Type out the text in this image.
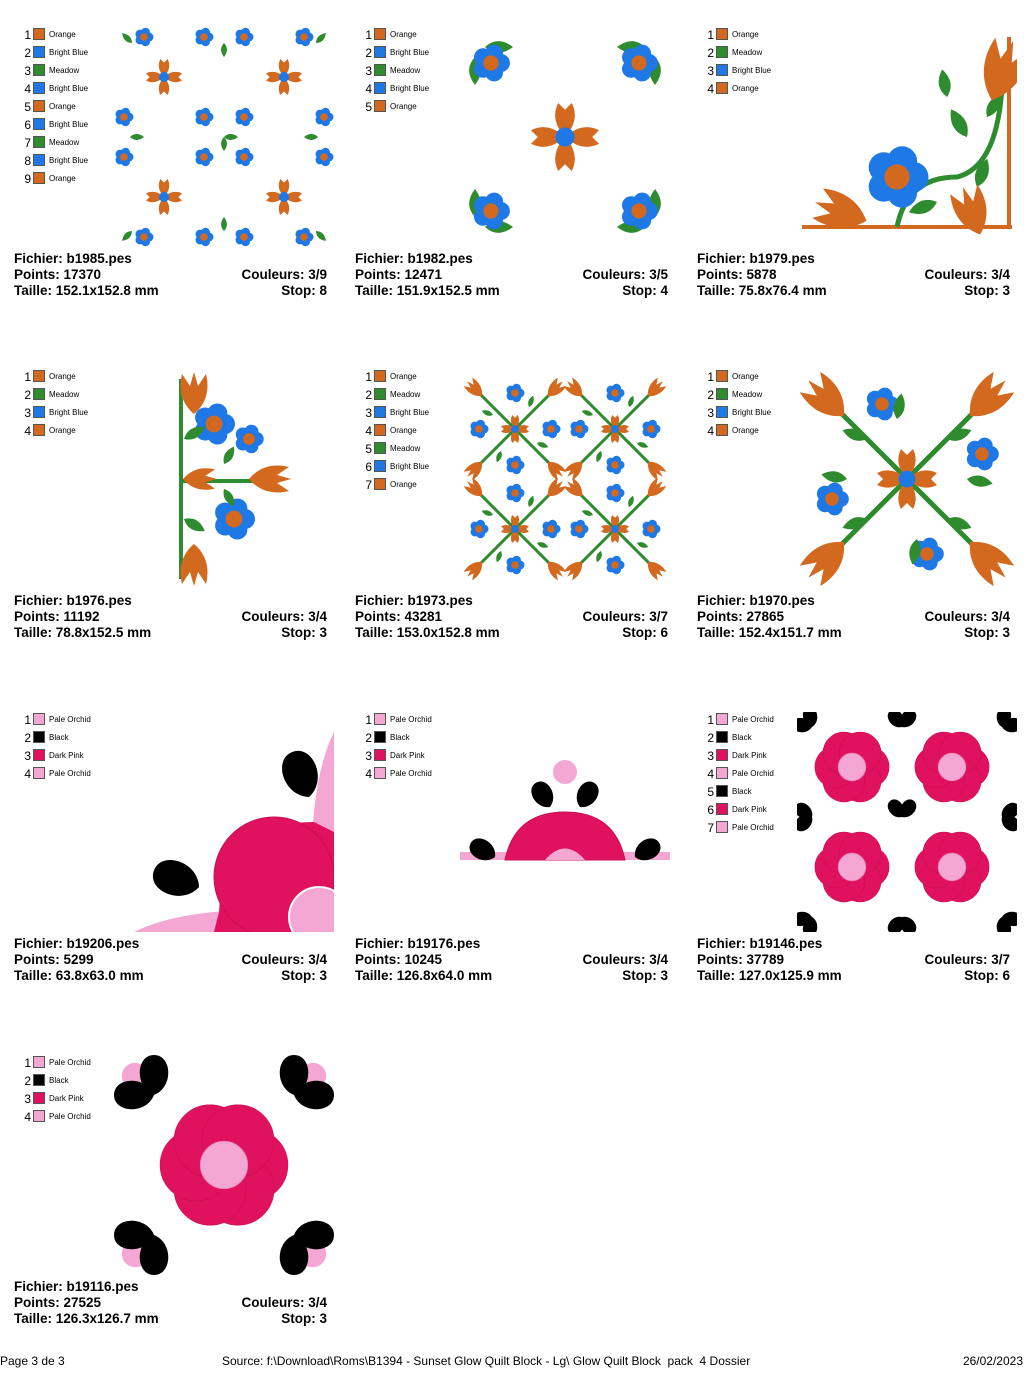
1 Orange
2 Bright Blue
3 Meadow
4 Bright Blue
5 Orange
6 Bright Blue
7 Meadow
8 Bright Blue
9 Orange
Fichier: b1985.pes
Points: 17370	Couleurs: 3/9
Taille: 152.1x152.8 mm	Stop: 8
1 Orange
2 Bright Blue
3 Meadow
4 Bright Blue
5 Orange
Fichier: b1982.pes
Points: 12471	Couleurs: 3/5
Taille: 151.9x152.5 mm	Stop: 4
1 Orange
2 Meadow
3 Bright Blue
4 Orange
Fichier: b1979.pes
Points: 5878	Couleurs: 3/4
Taille: 75.8x76.4 mm	Stop: 3
1 Orange
2 Meadow
3 Bright Blue
4 Orange
Fichier: b1976.pes
Points: 11192	Couleurs: 3/4
Taille: 78.8x152.5 mm	Stop: 3
1 Orange
2 Meadow
3 Bright Blue
4 Orange
5 Meadow
6 Bright Blue
7 Orange
Fichier: b1973.pes
Points: 43281	Couleurs: 3/7
Taille: 153.0x152.8 mm	Stop: 6
1 Orange
2 Meadow
3 Bright Blue
4 Orange
Fichier: b1970.pes
Points: 27865	Couleurs: 3/4
Taille: 152.4x151.7 mm	Stop: 3
1 Pale Orchid
2 Black
3 Dark Pink
4 Pale Orchid
Fichier: b19206.pes
Points: 5299	Couleurs: 3/4
Taille: 63.8x63.0 mm	Stop: 3
1 Pale Orchid
2 Black
3 Dark Pink
4 Pale Orchid
Fichier: b19176.pes
Points: 10245	Couleurs: 3/4
Taille: 126.8x64.0 mm	Stop: 3
1 Pale Orchid
2 Black
3 Dark Pink
4 Pale Orchid
5 Black
6 Dark Pink
7 Pale Orchid
Fichier: b19146.pes
Points: 37789	Couleurs: 3/7
Taille: 127.0x125.9 mm	Stop: 6
1 Pale Orchid
2 Black
3 Dark Pink
4 Pale Orchid
Fichier: b19116.pes
Points: 27525	Couleurs: 3/4
Taille: 126.3x126.7 mm	Stop: 3
Page 3 de 3	Source: f:\Download\Roms\B1394 - Sunset Glow Quilt Block - Lg\ Glow Quilt Block  pack  4 Dossier	26/02/2023
